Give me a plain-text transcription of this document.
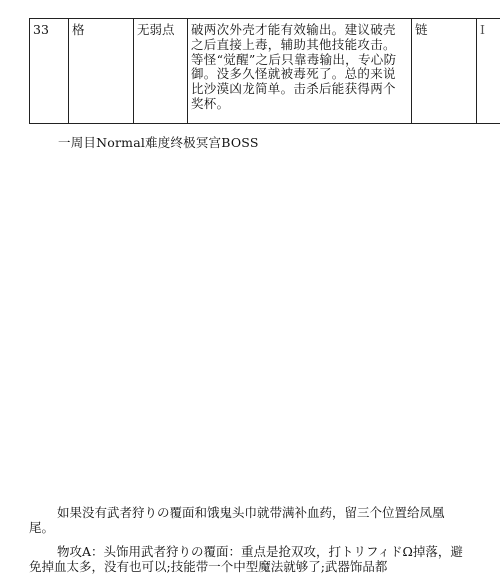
33	格	无弱点	破两次外壳才能有效输出。建议破壳之后直接上毒，辅助其他技能攻击。等怪“觉醒”之后只靠毒输出，专心防御。没多久怪就被毒死了。总的来说比沙漠凶龙简单。击杀后能获得两个奖杯。	链	I
一周目Normal难度终极冥宫BOSS

如果没有武者狩りの覆面和饿鬼头巾就带满补血药，留三个位置给凤凰尾。

物攻A：头饰用武者狩りの覆面：重点是抢双攻，打トリフィドΩ掉落，避免掉血太多，没有也可以;技能带一个中型魔法就够了;武器饰品都
